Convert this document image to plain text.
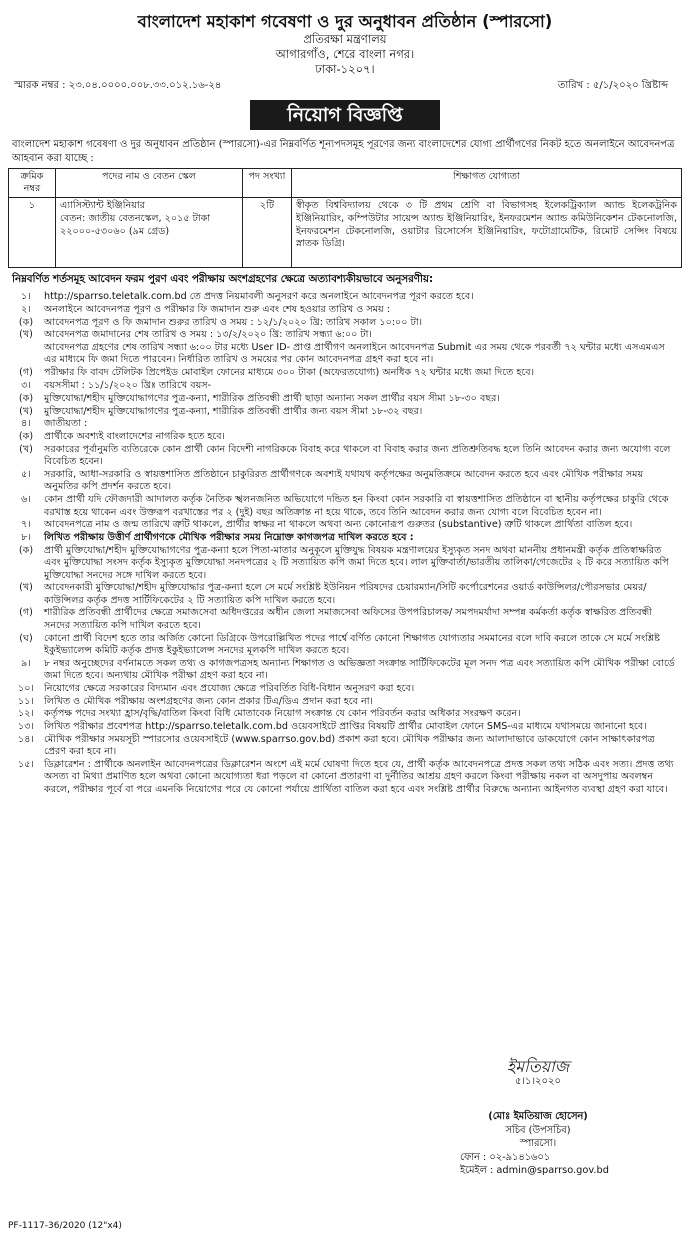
বাংলাদেশ মহাকাশ গবেষণা ও দুর অনুধাবন প্রতিষ্ঠান (স্পারসো)
প্রতিরক্ষা মন্ত্রণালয়
আগারগাঁও, শেরে বাংলা নগর।
ঢাকা-১২০৭।
স্মারক নম্বর : ২৩.০৪.০০০০.০০৮.৩৩.০১২.১৬-২৪	তারিখ : ৫/১/২০২০ খ্রিষ্টাব্দ
নিয়োগ বিজ্ঞপ্তি
বাংলাদেশ মহাকাশ গবেষণা ও দুর অনুধাবন প্রতিষ্ঠান (স্পারসো)-এর নিম্নবর্ণিত শূন্যপদসমূহ পূরণের জন্য বাংলাদেশের যোগ্য প্রার্থীগণের নিকট হতে অনলাইনে আবেদনপত্র আহবান করা যাচ্ছে :
ক্রমিক নম্বর	পদের নাম ও বেতন স্কেল	পদ সংখ্যা	শিক্ষাগত যোগ্যতা
১	এ্যাসিস্ট্যান্ট ইঞ্জিনিয়ার
বেতন: জাতীয় বেতনস্কেল, ২০১৫ টাকা ২২০০০-৫৩০৬০ (৯ম গ্রেড)	২টি	স্বীকৃত বিশ্ববিদ্যালয় থেকে ৩ টি প্রথম শ্রেণি বা বিভাগসহ ইলেকট্রিক্যাল অ্যান্ড ইলেকট্রনিক ইঞ্জিনিয়ারিং, কম্পিউটার সায়েন্স অ্যান্ড ইঞ্জিনিয়ারিং, ইনফরমেশন অ্যান্ড কমিউনিকেশন টেকনোলজি, ইনফরমেশন টেকনোলজি, ওয়াটার রিসোর্সেস ইঞ্জিনিয়ারিং, ফটোগ্রামেটিক, রিমোট সেন্সিং বিষয়ে স্নাতক ডিগ্রি।
নিম্নবর্ণিত শর্তসমূহ আবেদন ফরম পুরণ এবং পরীক্ষায় অংশগ্রহণের ক্ষেত্রে অত্যাবশ্যকীয়ভাবে অনুসরণীয়:
১।	http://sparrso.teletalk.com.bd তে প্রদত্ত নিয়মাবলী অনুসরণ করে অনলাইনে আবেদনপত্র পূরণ করতে হবে।
২।	অনলাইনে আবেদনপত্র পূরণ ও পরীক্ষার ফি জমাদান শুরু এবং শেষ হওয়ার তারিখ ও সময় :
(ক)	আবেদনপত্র পূরণ ও ফি জমাদান শুরুর তারিখ ও সময় : ১২/১/২০২০ খ্রি: তারিখ সকাল ১০:০০ টা।
(খ)	আবেদনপত্র জমাদানের শেষ তারিখ ও সময় : ১৩/২/২০২০ খ্রি: তারিখ সন্ধ্যা ৬:০০ টা।
আবেদনপত্র গ্রহণের শেষ তারিখ সন্ধ্যা ৬:০০ টার মধ্যে User ID- প্রাপ্ত প্রার্থীগণ অনলাইনে আবেদনপত্র Submit এর সময় থেকে পরবর্তী ৭২ ঘন্টার মধ্যে এসএমএস এর মাধ্যমে ফি জমা দিতে পারবেন। নির্ধারিত তারিখ ও সময়ের পর কোন আবেদনপত্র গ্রহণ করা হবে না।
(গ)	পরীক্ষার ফি বাবদ টেলিটক প্রিপেইড মোবাইল ফোনের মাধ্যমে ৩০০ টাকা (অফেরতযোগ্য) অনধিক ৭২ ঘন্টার মধ্যে জমা দিতে হবে।
৩।	বয়সসীমা : ১১/১/২০২০ খ্রিঃ তারিখে বয়স-
(ক)	মুক্তিযোদ্ধা/শহীদ মুক্তিযোদ্ধাগণের পুত্র-কন্যা, শারীরিক প্রতিবন্ধী প্রার্থী ছাড়া অন্যান্য সকল প্রার্থীর বয়স সীমা ১৮-৩০ বছর।
(খ)	মুক্তিযোদ্ধা/শহীদ মুক্তিযোদ্ধাগণের পুত্র-কন্যা, শারীরিক প্রতিবন্ধী প্রার্থীর জন্য বয়স সীমা ১৮-৩২ বছর।
৪।	জাতীয়তা :
(ক)	প্রার্থীকে অবশ্যই বাংলাদেশের নাগরিক হতে হবে।
(খ)	সরকারের পূর্বানুমতি ব্যতিরেকে কোন প্রার্থী কোন বিদেশী নাগরিককে বিবাহ করে থাকলে বা বিবাহ করার জন্য প্রতিশ্রুতিবদ্ধ হলে তিনি আবেদন করার জন্য অযোগ্য বলে বিবেচিত হবেন।
৫।	সরকারি, আধা-সরকারি ও স্বায়ত্তশাসিত প্রতিষ্ঠানে চাকুরিরত প্রার্থীগণকে অবশ্যই যথাযথ কর্তৃপক্ষের অনুমতিক্রমে আবেদন করতে হবে এবং মৌখিক পরীক্ষার সময় অনুমতির কপি প্রদর্শন করতে হবে।
৬।	কোন প্রার্থী যদি ফৌজদারী আদালত কর্তৃক নৈতিক স্খলনজনিত অভিযোগে দন্ডিত হন কিংবা কোন সরকারি বা স্বায়ত্তশাসিত প্রতিষ্ঠানে বা স্থানীয় কর্তৃপক্ষের চাকুরি থেকে বরখাস্ত হয়ে থাকেন এবং উক্তরূপ বরখাস্তের পর ২ (দুই) বছর অতিক্রান্ত না হয়ে থাকে, তবে তিনি আবেদন করার জন্য যোগ্য বলে বিবেচিত হবেন না।
৭।	আবেদনপত্রে নাম ও জন্ম তারিখে ত্রুটি থাকলে, প্রার্থীর স্বাক্ষর না থাকলে অথবা অন্য কোনোরূপ গুরুতর (substantive) ত্রুটি থাকলে প্রার্থিতা বাতিল হবে।
৮।	লিখিত পরীক্ষায় উত্তীর্ণ প্রার্থীগণকে মৌখিক পরীক্ষার সময় নিম্নোক্ত কাগজপত্র দাখিল করতে হবে :
(ক)	প্রার্থী মুক্তিযোদ্ধা/শহীদ মুক্তিযোদ্ধাগণের পুত্র-কন্যা হলে পিতা-মাতার অনুকূলে মুক্তিযুদ্ধ বিষয়ক মন্ত্রণালয়ের ইস্যুকৃত সনদ অথবা মাননীয় প্রধানমন্ত্রী কর্তৃক প্রতিস্বাক্ষরিত এবং মুক্তিযোদ্ধা সংসদ কর্তৃক ইস্যুকৃত মুক্তিযোদ্ধা সনদপত্রের ২ টি সত্যায়িত কপি জমা দিতে হবে। লাল মুক্তিবার্তা/ভারতীয় তালিকা/গেজেটের ২ টি করে সত্যায়িত কপি মুক্তিযোদ্ধা সনদের সঙ্গে দাখিল করতে হবে।
(খ)	আবেদনকারী মুক্তিযোদ্ধা/শহীদ মুক্তিযোদ্ধার পুত্র-কন্যা হলে সে মর্মে সংশ্লিষ্ট ইউনিয়ন পরিষদের চেয়ারম্যান/সিটি কর্পোরেশনের ওয়ার্ড কাউন্সিলর/পৌরসভার মেয়র/কাউন্সিলর কর্তৃক প্রদত্ত সার্টিফিকেটের ২ টি সত্যায়িত কপি দাখিল করতে হবে।
(গ)	শারীরিক প্রতিবন্ধী প্রার্থীদের ক্ষেত্রে সমাজসেবা অধিদপ্তরের অধীন জেলা সমাজসেবা অফিসের উপপরিচালক/ সমপদমর্যাদা সম্পন্ন কর্মকর্তা কর্তৃক স্বাক্ষরিত প্রতিবন্ধী সনদের সত্যায়িত কপি দাখিল করতে হবে।
(ঘ)	কোনো প্রার্থী বিদেশ হতে তার অর্জিত কোনো ডিগ্রিকে উপরোল্লিখিত পদের পার্শ্বে বর্ণিত কোনো শিক্ষাগত যোগ্যতার সমমানের বলে দাবি করলে তাকে সে মর্মে সংশ্লিষ্ট ইকুইভ্যালেন্স কমিটি কর্তৃক প্রদত্ত ইকুইভ্যালেন্স সনদের মূলকপি দাখিল করতে হবে।
৯।	৮ নম্বর অনুচ্ছেদের বর্ণনামতে সকল তথ্য ও কাগজপত্রসহ অন্যান্য শিক্ষাগত ও অভিজ্ঞতা সংক্রান্ত সার্টিফিকেটের মূল সনদ পত্র এবং সত্যায়িত কপি মৌখিক পরীক্ষা বোর্ডে জমা দিতে হবে। অন্যথায় মৌখিক পরীক্ষা গ্রহণ করা হবে না।
১০।	নিয়োগের ক্ষেত্রে সরকারের বিদ্যমান এবং প্রযোজ্য ক্ষেত্রে পরিবর্তিত বিধি-বিধান অনুসরণ করা হবে।
১১।	লিখিত ও মৌখিক পরীক্ষায় অংশগ্রহণের জন্য কোন প্রকার টিএ/ডিএ প্রদান করা হবে না।
১২।	কর্তৃপক্ষ পদের সংখ্যা হ্রাস/বৃদ্ধি/বাতিল কিংবা বিধি মোতাবেক নিয়োগ সংক্রান্ত যে কোন পরিবর্তন করার অধিকার সংরক্ষণ করেন।
১৩।	লিখিত পরীক্ষার প্রবেশপত্র http://sparrso.teletalk.com.bd ওয়েবসাইটে প্রাপ্তির বিষয়টি প্রার্থীর মোবাইল ফোনে SMS-এর মাধ্যমে যথাসময়ে জানানো হবে।
১৪।	মৌখিক পরীক্ষার সময়সূচী স্পারসোর ওয়েবসাইটে (www.sparrso.gov.bd) প্রকাশ করা হবে। মৌখিক পরীক্ষার জন্য আলাদাভাবে ডাকযোগে কোন সাক্ষাৎকারপত্র প্রেরণ করা হবে না।
১৫।	ডিক্লারেশন : প্রার্থীকে অনলাইন আবেদনপত্রের ডিক্লারেশন অংশে এই মর্মে ঘোষণা দিতে হবে যে, প্রার্থী কর্তৃক আবেদনপত্রে প্রদত্ত সকল তথ্য সঠিক এবং সত্য। প্রদত্ত তথ্য অসত্য বা মিথ্যা প্রমাণিত হলে অথবা কোনো অযোগ্যতা ধরা পড়লে বা কোনো প্রতারণা বা দুর্নীতির আশ্রয় গ্রহণ করলে কিংবা পরীক্ষায় নকল বা অসদুপায় অবলম্বন করলে, পরীক্ষার পূর্বে বা পরে এমনকি নিয়োগের পরে যে কোনো পর্যায়ে প্রার্থিতা বাতিল করা হবে এবং সংশ্লিষ্ট প্রার্থীর বিরুদ্ধে অন্যান্য আইনগত ব্যবস্থা গ্রহণ করা যাবে।
ইমতিয়াজ
৫।১।২০২০
(মোঃ ইমতিয়াজ হোসেন)
সচিব (উপসচিব)
স্পারসো।
ফোন : ০২-৯১৪১৬০১
ইমেইল : admin@sparrso.gov.bd
PF-1117-36/2020 (12"x4)
